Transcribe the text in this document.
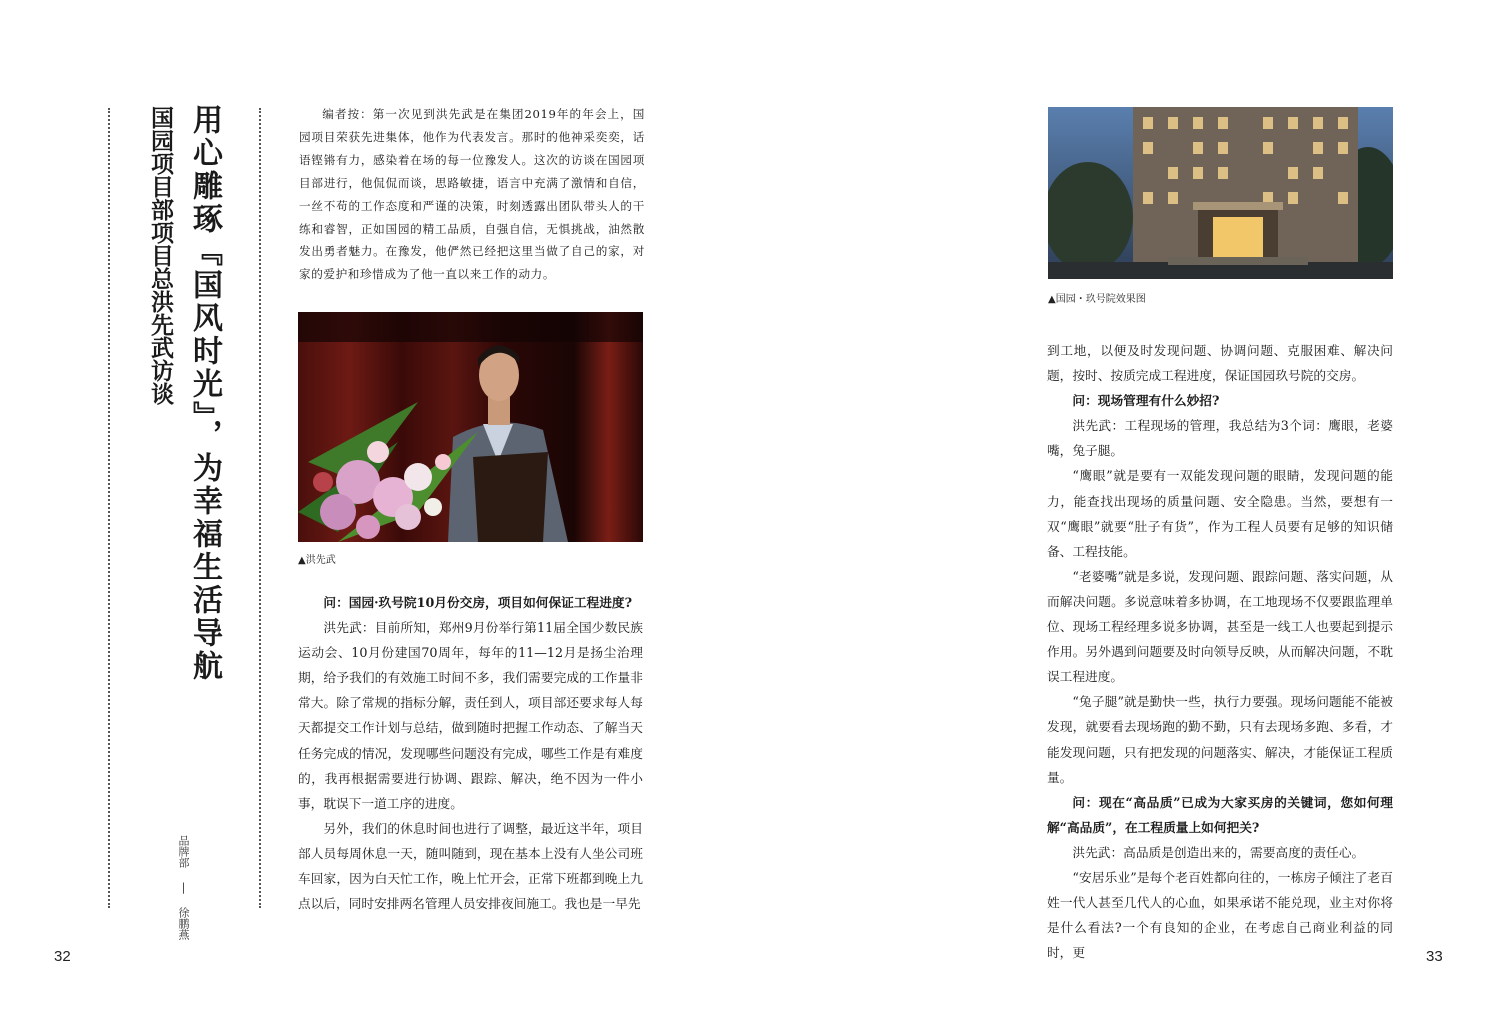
用心雕琢『国风时光』，为幸福生活导航
国园项目部项目总洪先武访谈
品牌部 | 徐鹏燕
编者按：第一次见到洪先武是在集团2019年的年会上，国园项目荣获先进集体，他作为代表发言。那时的他神采奕奕，话语铿锵有力，感染着在场的每一位豫发人。这次的访谈在国园项目部进行，他侃侃而谈，思路敏捷，语言中充满了激情和自信，一丝不苟的工作态度和严谨的决策，时刻透露出团队带头人的干练和睿智，正如国园的精工品质，自强自信，无惧挑战，油然散发出勇者魅力。在豫发，他俨然已经把这里当做了自己的家，对家的爱护和珍惜成为了他一直以来工作的动力。
▲洪先武

问：国园·玖号院10月份交房，项目如何保证工程进度?

洪先武：目前所知，郑州9月份举行第11届全国少数民族运动会、10月份建国70周年，每年的11—12月是扬尘治理期，给予我们的有效施工时间不多，我们需要完成的工作量非常大。除了常规的指标分解，责任到人，项目部还要求每人每天都提交工作计划与总结，做到随时把握工作动态、了解当天任务完成的情况，发现哪些问题没有完成，哪些工作是有难度的，我再根据需要进行协调、跟踪、解决，绝不因为一件小事，耽误下一道工序的进度。

另外，我们的休息时间也进行了调整，最近这半年，项目部人员每周休息一天，随叫随到，现在基本上没有人坐公司班车回家，因为白天忙工作，晚上忙开会，正常下班都到晚上九点以后，同时安排两名管理人员安排夜间施工。我也是一早先

32
▲国园・玖号院效果图

到工地，以便及时发现问题、协调问题、克服困难、解决问题，按时、按质完成工程进度，保证国园玖号院的交房。

问：现场管理有什么妙招?

洪先武：工程现场的管理，我总结为3个词：鹰眼，老婆嘴，兔子腿。

“鹰眼”就是要有一双能发现问题的眼睛，发现问题的能力，能查找出现场的质量问题、安全隐患。当然，要想有一双“鹰眼”就要“肚子有货”，作为工程人员要有足够的知识储备、工程技能。

“老婆嘴”就是多说，发现问题、跟踪问题、落实问题，从而解决问题。多说意味着多协调，在工地现场不仅要跟监理单位、现场工程经理多说多协调，甚至是一线工人也要起到提示作用。另外遇到问题要及时向领导反映，从而解决问题，不耽误工程进度。

“兔子腿”就是勤快一些，执行力要强。现场问题能不能被发现，就要看去现场跑的勤不勤，只有去现场多跑、多看，才能发现问题，只有把发现的问题落实、解决，才能保证工程质量。

问：现在“高品质”已成为大家买房的关键词，您如何理解“高品质”，在工程质量上如何把关?

洪先武：高品质是创造出来的，需要高度的责任心。

“安居乐业”是每个老百姓都向往的，一栋房子倾注了老百姓一代人甚至几代人的心血，如果承诺不能兑现，业主对你将是什么看法?一个有良知的企业，在考虑自己商业利益的同时，更	33
